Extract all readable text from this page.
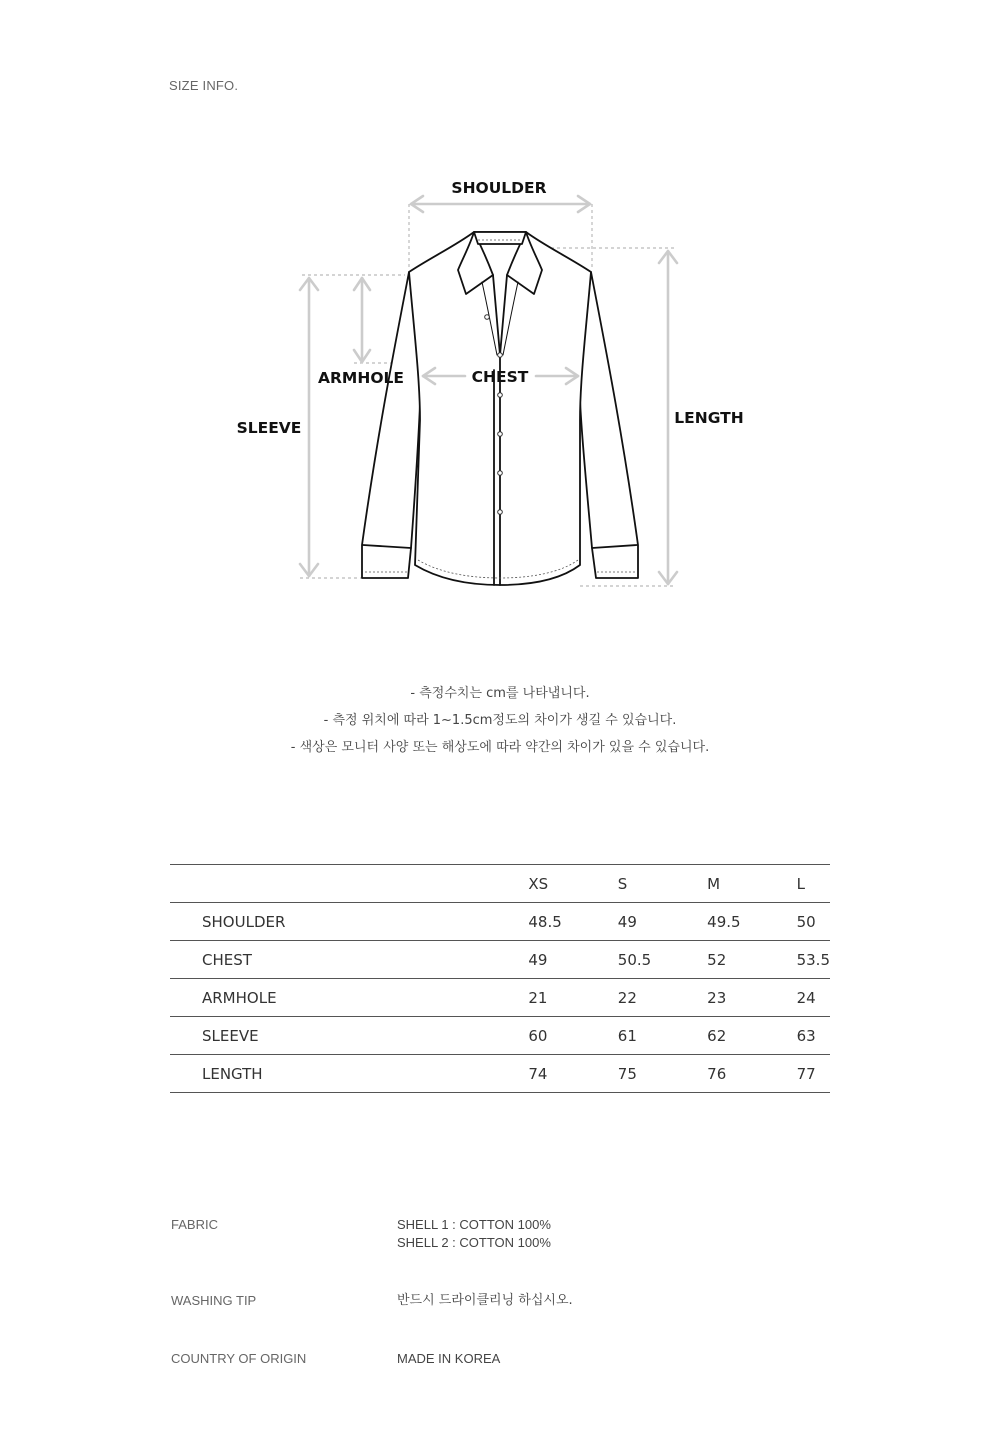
SIZE INFO.
SHOULDER
ARMHOLE	CHEST
SLEEVE
LENGTH
- 측정수치는 cm를 나타냅니다.
- 측정 위치에 따라 1~1.5cm정도의 차이가 생길 수 있습니다.
- 색상은 모니터 사양 또는 해상도에 따라 약간의 차이가 있을 수 있습니다.
	XS	S	M	L
SHOULDER	48.5	49	49.5	50
CHEST	49	50.5	52	53.5
ARMHOLE	21	22	23	24
SLEEVE	60	61	62	63
LENGTH	74	75	76	77
FABRIC	SHELL 1 : COTTON 100%
SHELL 2 : COTTON 100%
WASHING TIP	반드시 드라이클리닝 하십시오.
COUNTRY OF ORIGIN	MADE IN KOREA
